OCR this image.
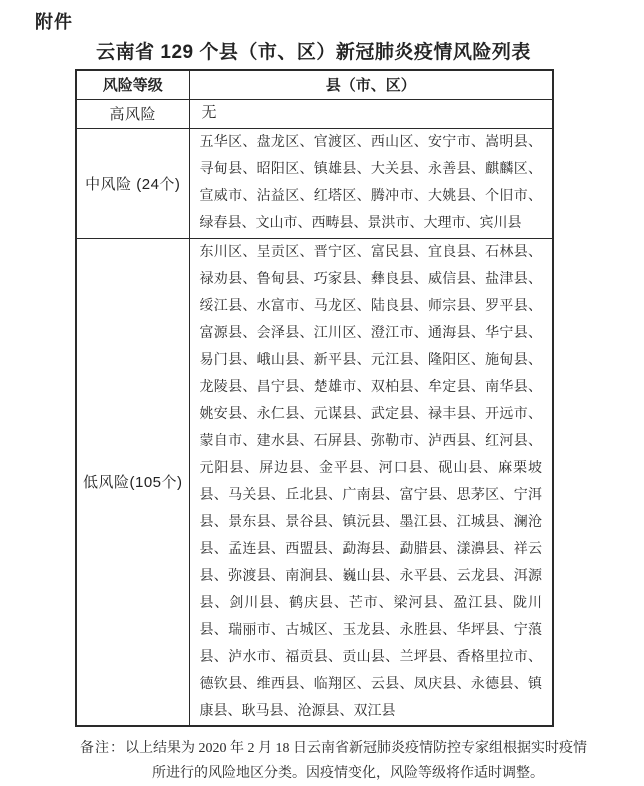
附件
云南省 129 个县（市、区）新冠肺炎疫情风险列表
风险等级	县（市、区）
高风险	无
中风险 (24个)	五华区、盘龙区、官渡区、西山区、安宁市、嵩明县、寻甸县、昭阳区、镇雄县、大关县、永善县、麒麟区、宣威市、沾益区、红塔区、腾冲市、大姚县、个旧市、绿春县、文山市、西畴县、景洪市、大理市、宾川县
低风险(105个)	东川区、呈贡区、晋宁区、富民县、宜良县、石林县、禄劝县、鲁甸县、巧家县、彝良县、威信县、盐津县、绥江县、水富市、马龙区、陆良县、师宗县、罗平县、富源县、会泽县、江川区、澄江市、通海县、华宁县、易门县、峨山县、新平县、元江县、隆阳区、施甸县、龙陵县、昌宁县、楚雄市、双柏县、牟定县、南华县、姚安县、永仁县、元谋县、武定县、禄丰县、开远市、蒙自市、建水县、石屏县、弥勒市、泸西县、红河县、元阳县、屏边县、金平县、河口县、砚山县、麻栗坡县、马关县、丘北县、广南县、富宁县、思茅区、宁洱县、景东县、景谷县、镇沅县、墨江县、江城县、澜沧县、孟连县、西盟县、勐海县、勐腊县、漾濞县、祥云县、弥渡县、南涧县、巍山县、永平县、云龙县、洱源县、剑川县、鹤庆县、芒市、梁河县、盈江县、陇川县、瑞丽市、古城区、玉龙县、永胜县、华坪县、宁蒗县、泸水市、福贡县、贡山县、兰坪县、香格里拉市、德钦县、维西县、临翔区、云县、凤庆县、永德县、镇康县、耿马县、沧源县、双江县
备注：以上结果为 2020 年 2 月 18 日云南省新冠肺炎疫情防控专家组根据实时疫情
所进行的风险地区分类。因疫情变化，风险等级将作适时调整。
